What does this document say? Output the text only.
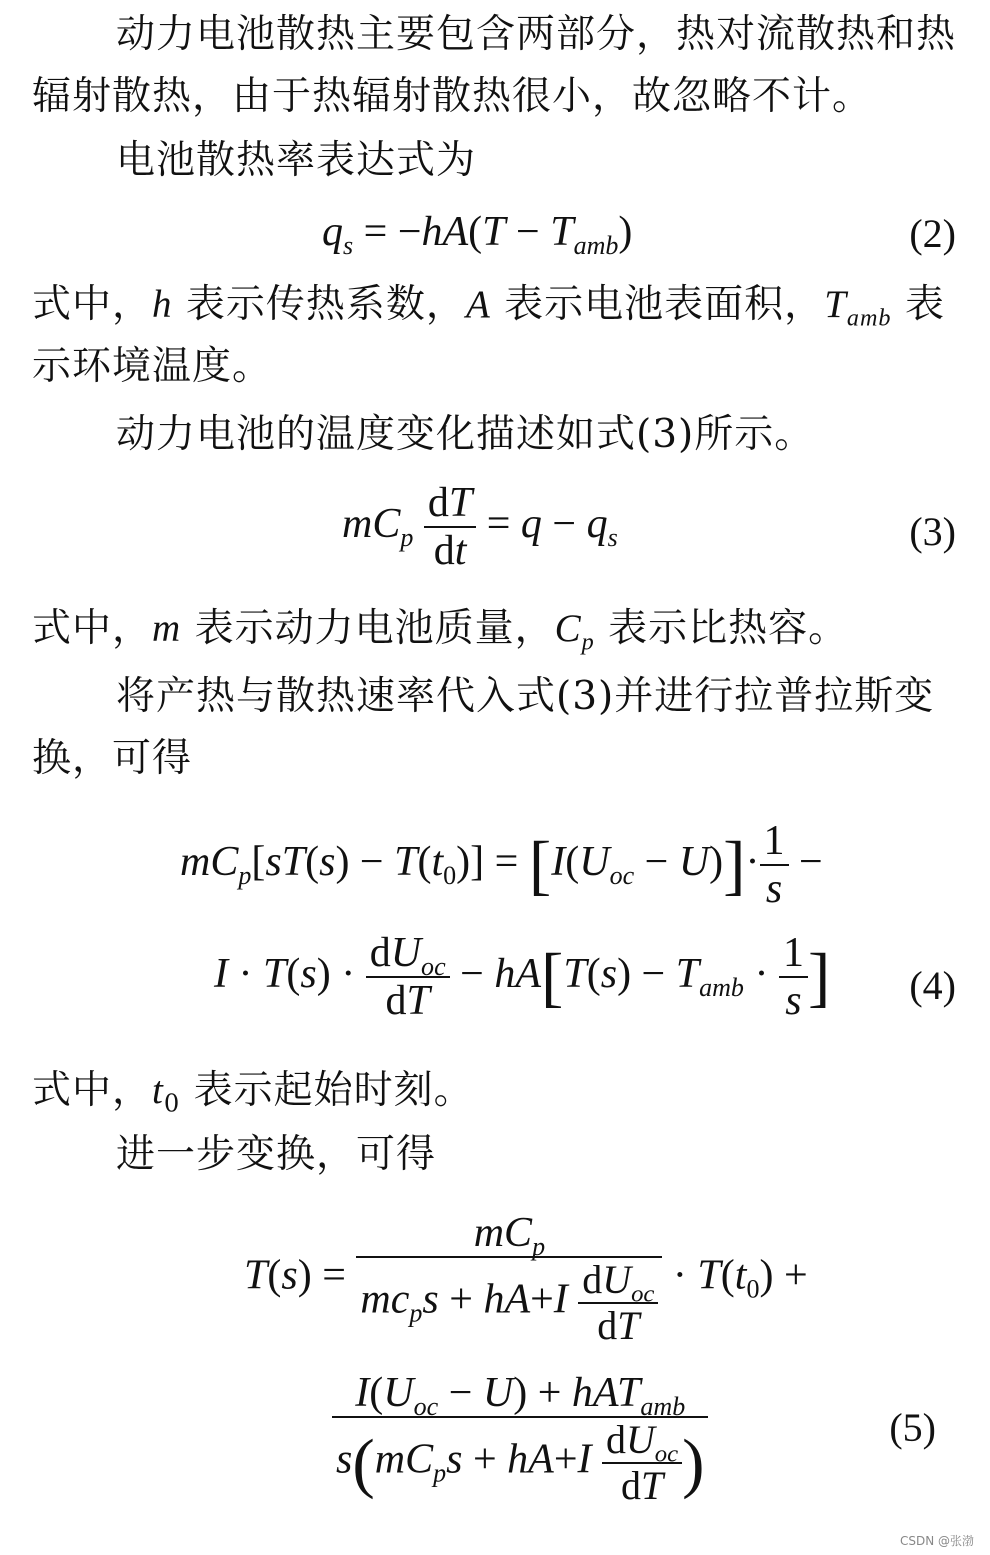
动力电池散热主要包含两部分，热对流散热和热辐射散热，由于热辐射散热很小，故忽略不计。
电池散热率表达式为
$q_s = -hA(T - T_{amb})$	(2)
式中，h 表示传热系数，A 表示电池表面积，$T_{amb}$ 表示环境温度。
动力电池的温度变化描述如式(3)所示。
$mC_p \frac{dT}{dt} = q - q_s$	(3)
式中，m 表示动力电池质量，$C_p$ 表示比热容。
将产热与散热速率代入式(3)并进行拉普拉斯变换，可得
$mC_p[sT(s) - T(t_0)] = [I(U_{oc} - U)]\cdot \frac{1}{s}$ −
$I \cdot T(s) \cdot \frac{dU_{oc}}{dT} - hA[T(s) - T_{amb} \cdot \frac{1}{s}$ ] (4)
式中，$t_0$ 表示起始时刻。
进一步变换，可得
$T(s) = \frac{mC_p}{mc_ps + hA+I \frac{dU_{oc}}{dT}} \cdot T(t_0)$ +
$\frac{I(U_{oc} - U) + hAT_{amb}}{s(mC_ps + hA+I \frac{dU_{oc}}{dT} )}$	(5)
CSDN @张渤
